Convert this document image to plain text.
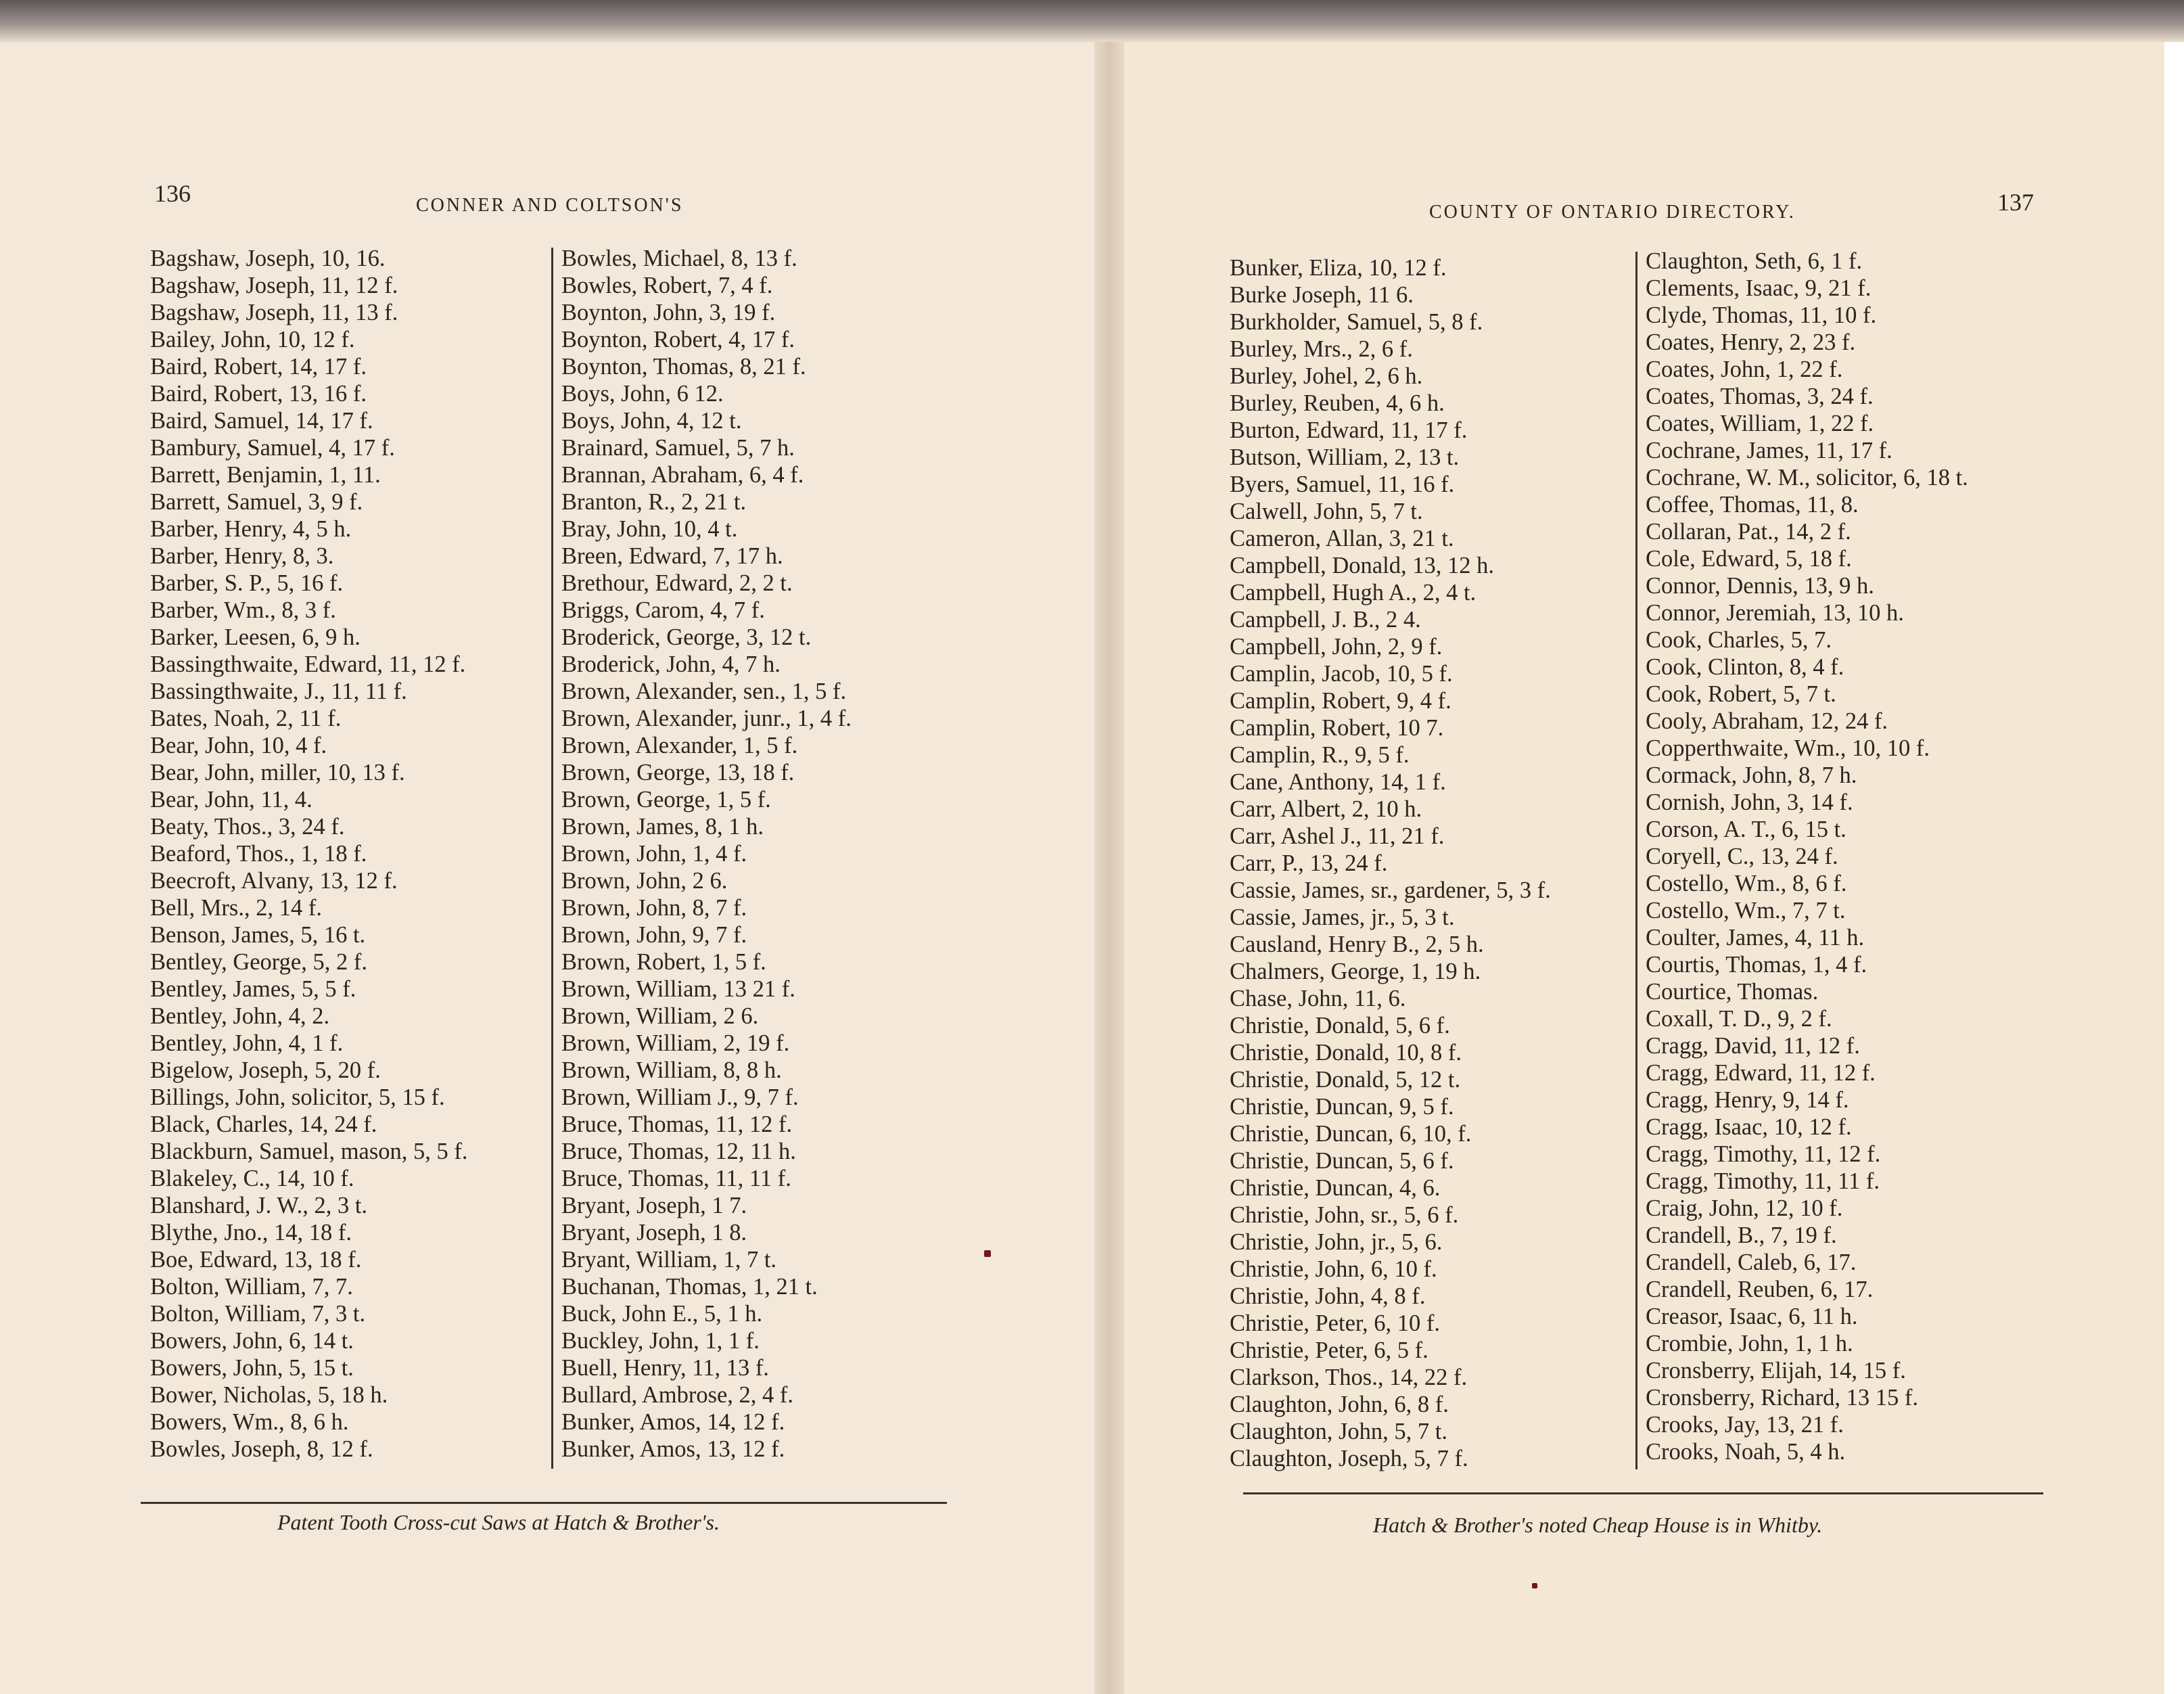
136	CONNER AND COLTSON'S
Bagshaw, Joseph, 10, 16.
Bagshaw, Joseph, 11, 12 f.
Bagshaw, Joseph, 11, 13 f.
Bailey, John, 10, 12 f.
Baird, Robert, 14, 17 f.
Baird, Robert, 13, 16 f.
Baird, Samuel, 14, 17 f.
Bambury, Samuel, 4, 17 f.
Barrett, Benjamin, 1, 11.
Barrett, Samuel, 3, 9 f.
Barber, Henry, 4, 5 h.
Barber, Henry, 8, 3.
Barber, S. P., 5, 16 f.
Barber, Wm., 8, 3 f.
Barker, Leesen, 6, 9 h.
Bassingthwaite, Edward, 11, 12 f.
Bassingthwaite, J., 11, 11 f.
Bates, Noah, 2, 11 f.
Bear, John, 10, 4 f.
Bear, John, miller, 10, 13 f.
Bear, John, 11, 4.
Beaty, Thos., 3, 24 f.
Beaford, Thos., 1, 18 f.
Beecroft, Alvany, 13, 12 f.
Bell, Mrs., 2, 14 f.
Benson, James, 5, 16 t.
Bentley, George, 5, 2 f.
Bentley, James, 5, 5 f.
Bentley, John, 4, 2.
Bentley, John, 4, 1 f.
Bigelow, Joseph, 5, 20 f.
Billings, John, solicitor, 5, 15 f.
Black, Charles, 14, 24 f.
Blackburn, Samuel, mason, 5, 5 f.
Blakeley, C., 14, 10 f.
Blanshard, J. W., 2, 3 t.
Blythe, Jno., 14, 18 f.
Boe, Edward, 13, 18 f.
Bolton, William, 7, 7.
Bolton, William, 7, 3 t.
Bowers, John, 6, 14 t.
Bowers, John, 5, 15 t.
Bower, Nicholas, 5, 18 h.
Bowers, Wm., 8, 6 h.
Bowles, Joseph, 8, 12 f.
Bowles, Michael, 8, 13 f.
Bowles, Robert, 7, 4 f.
Boynton, John, 3, 19 f.
Boynton, Robert, 4, 17 f.
Boynton, Thomas, 8, 21 f.
Boys, John, 6 12.
Boys, John, 4, 12 t.
Brainard, Samuel, 5, 7 h.
Brannan, Abraham, 6, 4 f.
Branton, R., 2, 21 t.
Bray, John, 10, 4 t.
Breen, Edward, 7, 17 h.
Brethour, Edward, 2, 2 t.
Briggs, Carom, 4, 7 f.
Broderick, George, 3, 12 t.
Broderick, John, 4, 7 h.
Brown, Alexander, sen., 1, 5 f.
Brown, Alexander, junr., 1, 4 f.
Brown, Alexander, 1, 5 f.
Brown, George, 13, 18 f.
Brown, George, 1, 5 f.
Brown, James, 8, 1 h.
Brown, John, 1, 4 f.
Brown, John, 2 6.
Brown, John, 8, 7 f.
Brown, John, 9, 7 f.
Brown, Robert, 1, 5 f.
Brown, William, 13 21 f.
Brown, William, 2 6.
Brown, William, 2, 19 f.
Brown, William, 8, 8 h.
Brown, William J., 9, 7 f.
Bruce, Thomas, 11, 12 f.
Bruce, Thomas, 12, 11 h.
Bruce, Thomas, 11, 11 f.
Bryant, Joseph, 1 7.
Bryant, Joseph, 1 8.
Bryant, William, 1, 7 t.
Buchanan, Thomas, 1, 21 t.
Buck, John E., 5, 1 h.
Buckley, John, 1, 1 f.
Buell, Henry, 11, 13 f.
Bullard, Ambrose, 2, 4 f.
Bunker, Amos, 14, 12 f.
Bunker, Amos, 13, 12 f.
Patent Tooth Cross-cut Saws at Hatch & Brother's.
COUNTY OF ONTARIO DIRECTORY.	137
Bunker, Eliza, 10, 12 f.
Burke Joseph, 11 6.
Burkholder, Samuel, 5, 8 f.
Burley, Mrs., 2, 6 f.
Burley, Johel, 2, 6 h.
Burley, Reuben, 4, 6 h.
Burton, Edward, 11, 17 f.
Butson, William, 2, 13 t.
Byers, Samuel, 11, 16 f.
Calwell, John, 5, 7 t.
Cameron, Allan, 3, 21 t.
Campbell, Donald, 13, 12 h.
Campbell, Hugh A., 2, 4 t.
Campbell, J. B., 2 4.
Campbell, John, 2, 9 f.
Camplin, Jacob, 10, 5 f.
Camplin, Robert, 9, 4 f.
Camplin, Robert, 10 7.
Camplin, R., 9, 5 f.
Cane, Anthony, 14, 1 f.
Carr, Albert, 2, 10 h.
Carr, Ashel J., 11, 21 f.
Carr, P., 13, 24 f.
Cassie, James, sr., gardener, 5, 3 f.
Cassie, James, jr., 5, 3 t.
Causland, Henry B., 2, 5 h.
Chalmers, George, 1, 19 h.
Chase, John, 11, 6.
Christie, Donald, 5, 6 f.
Christie, Donald, 10, 8 f.
Christie, Donald, 5, 12 t.
Christie, Duncan, 9, 5 f.
Christie, Duncan, 6, 10, f.
Christie, Duncan, 5, 6 f.
Christie, Duncan, 4, 6.
Christie, John, sr., 5, 6 f.
Christie, John, jr., 5, 6.
Christie, John, 6, 10 f.
Christie, John, 4, 8 f.
Christie, Peter, 6, 10 f.
Christie, Peter, 6, 5 f.
Clarkson, Thos., 14, 22 f.
Claughton, John, 6, 8 f.
Claughton, John, 5, 7 t.
Claughton, Joseph, 5, 7 f.
Claughton, Seth, 6, 1 f.
Clements, Isaac, 9, 21 f.
Clyde, Thomas, 11, 10 f.
Coates, Henry, 2, 23 f.
Coates, John, 1, 22 f.
Coates, Thomas, 3, 24 f.
Coates, William, 1, 22 f.
Cochrane, James, 11, 17 f.
Cochrane, W. M., solicitor, 6, 18 t.
Coffee, Thomas, 11, 8.
Collaran, Pat., 14, 2 f.
Cole, Edward, 5, 18 f.
Connor, Dennis, 13, 9 h.
Connor, Jeremiah, 13, 10 h.
Cook, Charles, 5, 7.
Cook, Clinton, 8, 4 f.
Cook, Robert, 5, 7 t.
Cooly, Abraham, 12, 24 f.
Copperthwaite, Wm., 10, 10 f.
Cormack, John, 8, 7 h.
Cornish, John, 3, 14 f.
Corson, A. T., 6, 15 t.
Coryell, C., 13, 24 f.
Costello, Wm., 8, 6 f.
Costello, Wm., 7, 7 t.
Coulter, James, 4, 11 h.
Courtis, Thomas, 1, 4 f.
Courtice, Thomas.
Coxall, T. D., 9, 2 f.
Cragg, David, 11, 12 f.
Cragg, Edward, 11, 12 f.
Cragg, Henry, 9, 14 f.
Cragg, Isaac, 10, 12 f.
Cragg, Timothy, 11, 12 f.
Cragg, Timothy, 11, 11 f.
Craig, John, 12, 10 f.
Crandell, B., 7, 19 f.
Crandell, Caleb, 6, 17.
Crandell, Reuben, 6, 17.
Creasor, Isaac, 6, 11 h.
Crombie, John, 1, 1 h.
Cronsberry, Elijah, 14, 15 f.
Cronsberry, Richard, 13 15 f.
Crooks, Jay, 13, 21 f.
Crooks, Noah, 5, 4 h.
Hatch & Brother's noted Cheap House is in Whitby.
